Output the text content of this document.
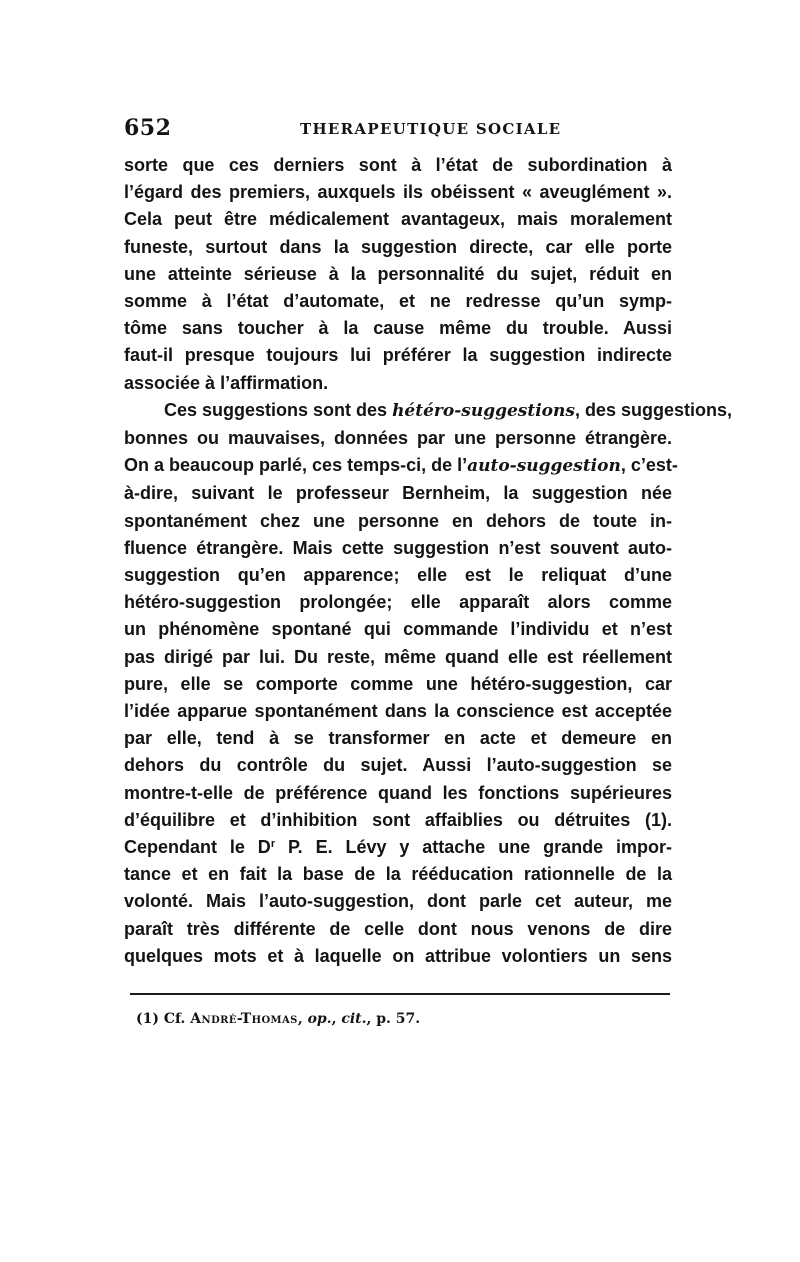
652	THERAPEUTIQUE SOCIALE
sorte que ces derniers sont à l’état de subordination à
l’égard des premiers, auxquels ils obéissent « aveuglément ».
Cela peut être médicalement avantageux, mais moralement
funeste, surtout dans la suggestion directe, car elle porte
une atteinte sérieuse à la personnalité du sujet, réduit en
somme à l’état d’automate, et ne redresse qu’un symp-
tôme sans toucher à la cause même du trouble. Aussi
faut-il presque toujours lui préférer la suggestion indirecte
associée à l’affirmation.
Ces suggestions sont des hétéro-suggestions, des suggestions,
bonnes ou mauvaises, données par une personne étrangère.
On a beaucoup parlé, ces temps-ci, de l’auto-suggestion, c’est-
à-dire, suivant le professeur Bernheim, la suggestion née
spontanément chez une personne en dehors de toute in-
fluence étrangère. Mais cette suggestion n’est souvent auto-
suggestion qu’en apparence; elle est le reliquat d’une
hétéro-suggestion prolongée; elle apparaît alors comme
un phénomène spontané qui commande l’individu et n’est
pas dirigé par lui. Du reste, même quand elle est réellement
pure, elle se comporte comme une hétéro-suggestion, car
l’idée apparue spontanément dans la conscience est acceptée
par elle, tend à se transformer en acte et demeure en
dehors du contrôle du sujet. Aussi l’auto-suggestion se
montre-t-elle de préférence quand les fonctions supérieures
d’équilibre et d’inhibition sont affaiblies ou détruites (1).
Cependant le $D^r$ P. E. Lévy y attache une grande impor-
tance et en fait la base de la rééducation rationnelle de la
volonté. Mais l’auto-suggestion, dont parle cet auteur, me
paraît très différente de celle dont nous venons de dire
quelques mots et à laquelle on attribue volontiers un sens
(1) Cf. André-Thomas, op., cit., p. 57.
